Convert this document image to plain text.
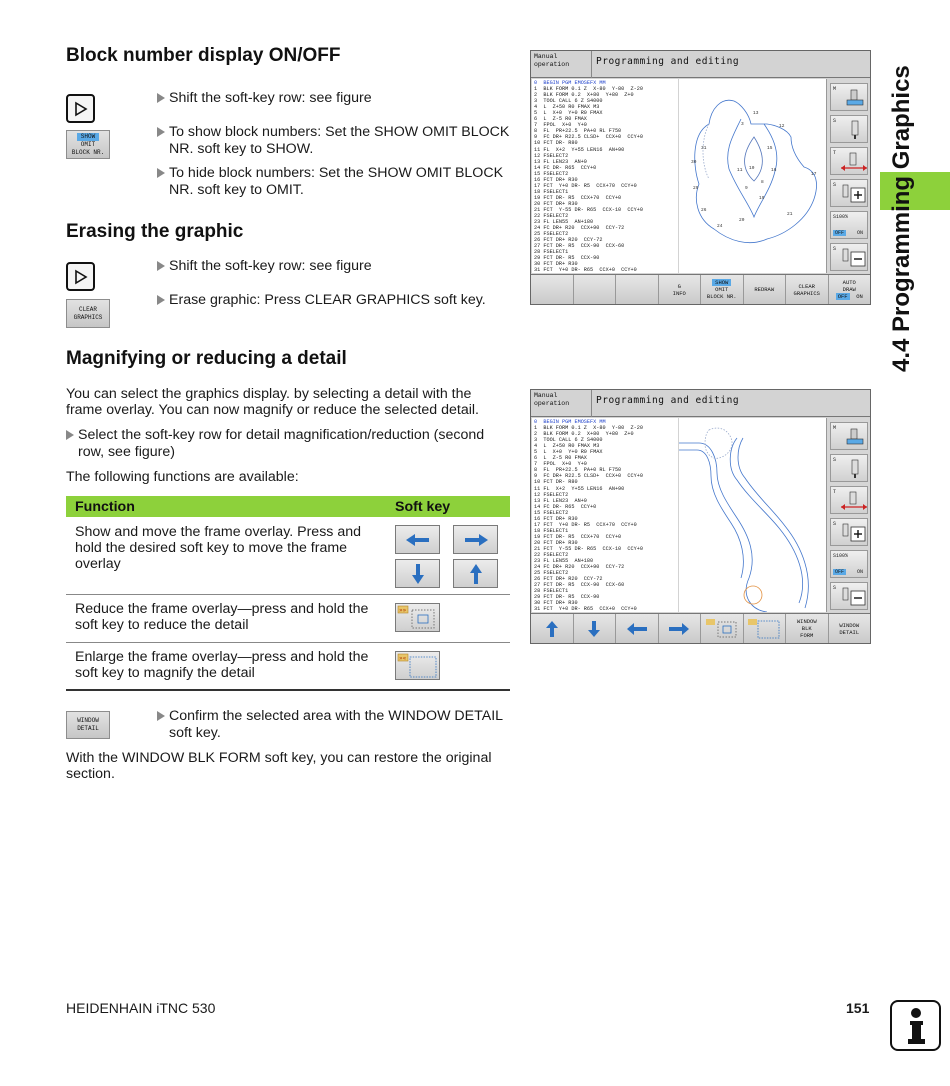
Block number display ON/OFF
Shift the soft-key row: see figure
SHOW
OMIT
BLOCK NR.
To show block numbers: Set the SHOW OMIT BLOCK NR. soft key to SHOW.
To hide block numbers: Set the SHOW OMIT BLOCK NR. soft key to OMIT.
Erasing the graphic
Shift the soft-key row: see figure
CLEAR
GRAPHICS
Erase graphic: Press CLEAR GRAPHICS soft key.
Magnifying or reducing a detail
You can select the graphics display. by selecting a detail with the frame overlay. You can now magnify or reduce the selected detail.
Select the soft-key row for detail magnification/reduction (second row, see figure)
The following functions are available:
Function	Soft key
Show and move the frame overlay. Press and hold the desired soft key to move the frame overlay
Reduce the frame overlay—press and hold the soft key to reduce the detail
»»
Enlarge the frame overlay—press and hold the soft key to magnify the detail
»«
WINDOW
DETAIL
Confirm the selected area with the WINDOW DETAIL soft key.
With the WINDOW BLK FORM soft key, you can restore the original section.
Manual
operation	Programming and editing
0  BEGIN PGM EMOSEFX MM
1  BLK FORM 0.1 Z  X-80  Y-80  Z-20
2  BLK FORM 0.2  X+80  Y+80  Z+0
3  TOOL CALL 6 Z S4000
4  L  Z+50 R0 FMAX M3
5  L  X+0  Y+0 R0 FMAX
6  L  Z-5 R0 FMAX
7  FPOL  X+0  Y+0
8  FL  PR+22.5  PA+0 RL F750
9  FC DR+ R22.5 CLSD+  CCX+0  CCY+0
10 FCT DR- R80
11 FL  X+2  Y+55 LEN16  AN+90
12 FSELECT2
13 FL LEN23  AN+0
14 FC DR- R65  CCY+0
15 FSELECT2
16 FCT DR+ R30
17 FCT  Y+0 DR- R5  CCX+70  CCY+0
18 FSELECT1
19 FCT DR- R5  CCX+70  CCY+0
20 FCT DR+ R30
21 FCT  Y-55 DR- R65  CCX-10  CCY+0
22 FSELECT2
23 FL LEN55  AN+180
24 FC DR+ R20  CCX+90  CCY-72
25 FSELECT2
26 FCT DR+ R20  CCY-72
27 FCT DR- R5  CCX-90  CCX-60
28 FSELECT1
29 FCT DR- R5  CCX-90
30 FCT DR+ R30
31 FCT  Y+0 DR- R65  CCX+0  CCY+0
13
12
15
16
17
19
21
20
24
26
29
30
31
3
11 10
9
8
M
S
T
S
S100%
OFF	ON
S
G
INFO
SHOW
OMIT
BLOCK NR.
REDRAW	CLEAR
GRAPHICS
AUTO
DRAW
OFF ON
Manual
operation	Programming and editing
0  BEGIN PGM EMOSEFX MM
1  BLK FORM 0.1 Z  X-80  Y-80  Z-20
2  BLK FORM 0.2  X+80  Y+80  Z+0
3  TOOL CALL 6 Z S4000
4  L  Z+50 R0 FMAX M3
5  L  X+0  Y+0 R0 FMAX
6  L  Z-5 R0 FMAX
7  FPOL  X+0  Y+0
8  FL  PR+22.5  PA+0 RL F750
9  FC DR+ R22.5 CLSD+  CCX+0  CCY+0
10 FCT DR- R80
11 FL  X+2  Y+55 LEN16  AN+90
12 FSELECT2
13 FL LEN23  AN+0
14 FC DR- R65  CCY+0
15 FSELECT2
16 FCT DR+ R30
17 FCT  Y+0 DR- R5  CCX+70  CCY+0
18 FSELECT1
19 FCT DR- R5  CCX+70  CCY+0
20 FCT DR+ R30
21 FCT  Y-55 DR- R65  CCX-10  CCY+0
22 FSELECT2
23 FL LEN55  AN+180
24 FC DR+ R20  CCX+90  CCY-72
25 FSELECT2
26 FCT DR+ R20  CCY-72
27 FCT DR- R5  CCX-90  CCX-60
28 FSELECT1
29 FCT DR- R5  CCX-90
30 FCT DR+ R30
31 FCT  Y+0 DR- R65  CCX+0  CCY+0
M
S
T
S
S100%
OFF	ON
S
WINDOW
BLK
FORM
WINDOW
DETAIL
4.4 Programming Graphics
HEIDENHAIN iTNC 530	151
